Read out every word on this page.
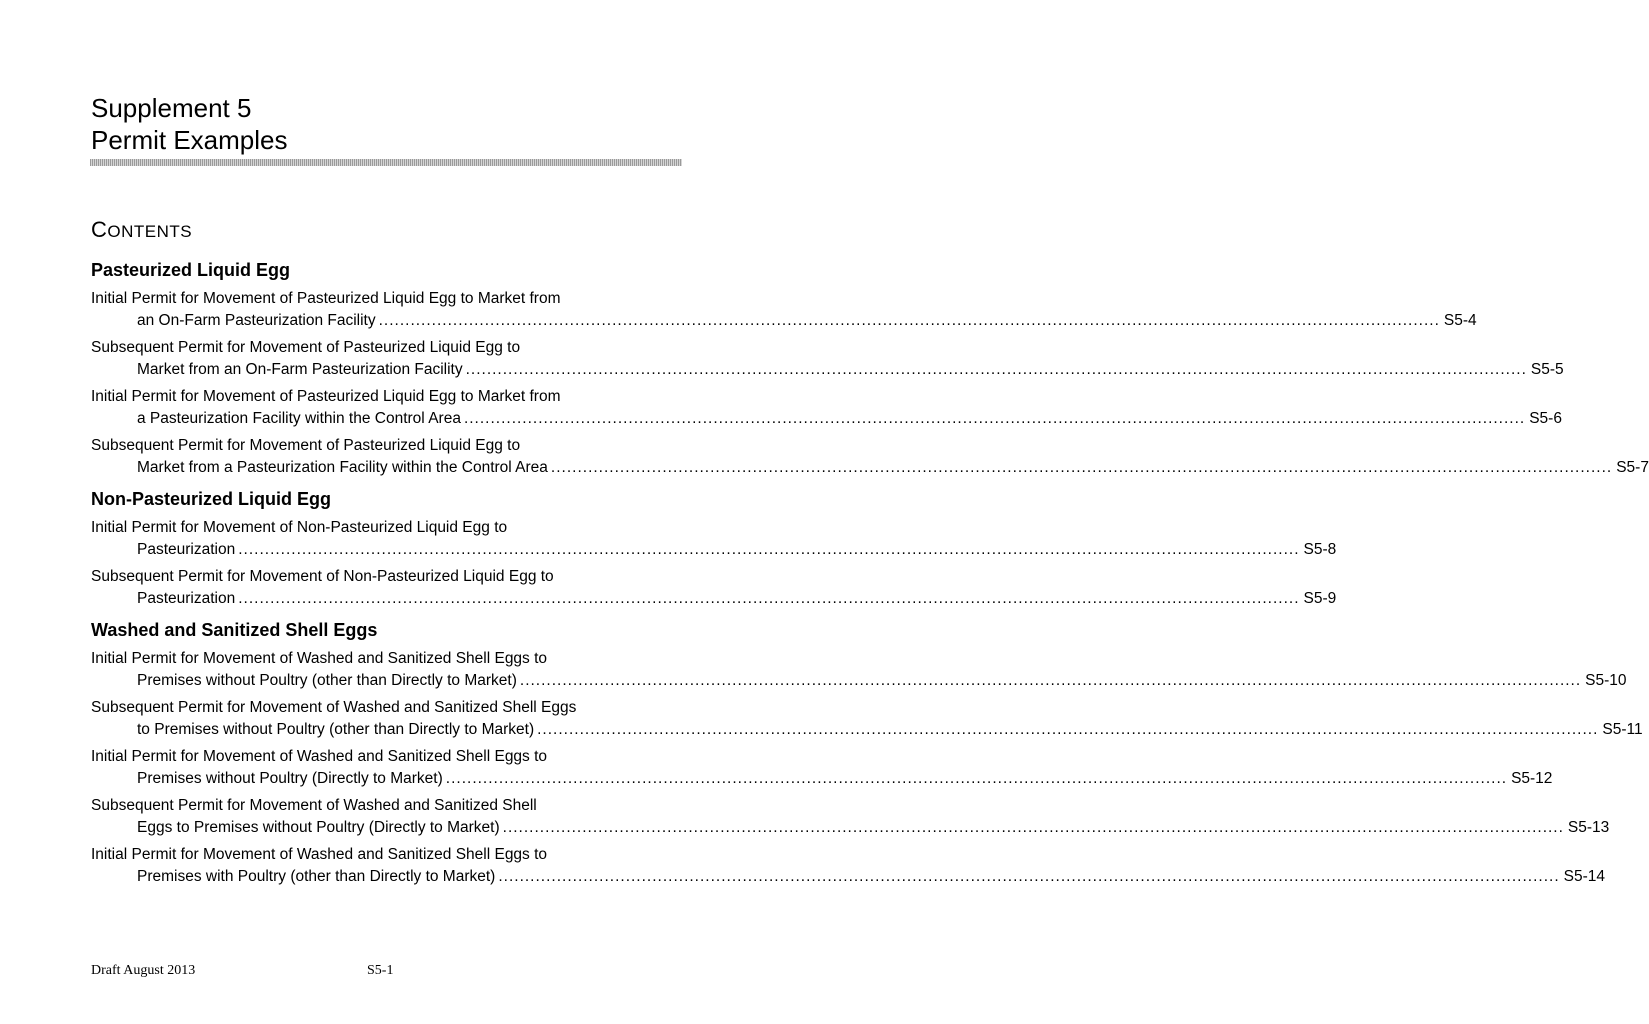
Supplement 5
Permit Examples
CONTENTS
Pasteurized Liquid Egg
Initial Permit for Movement of Pasteurized Liquid Egg to Market from
an On-Farm Pasteurization Facility ........................................................................................................................................................................................................ S5-4
Subsequent Permit for Movement of Pasteurized Liquid Egg to
Market from an On-Farm Pasteurization Facility ........................................................................................................................................................................................................ S5-5
Initial Permit for Movement of Pasteurized Liquid Egg to Market from
a Pasteurization Facility within the Control Area ........................................................................................................................................................................................................ S5-6
Subsequent Permit for Movement of Pasteurized Liquid Egg to
Market from a Pasteurization Facility within the Control Area ........................................................................................................................................................................................................ S5-7
Non-Pasteurized Liquid Egg
Initial Permit for Movement of Non-Pasteurized Liquid Egg to
Pasteurization ........................................................................................................................................................................................................ S5-8
Subsequent Permit for Movement of Non-Pasteurized Liquid Egg to
Pasteurization ........................................................................................................................................................................................................ S5-9
Washed and Sanitized Shell Eggs
Initial Permit for Movement of Washed and Sanitized Shell Eggs to
Premises without Poultry (other than Directly to Market) ........................................................................................................................................................................................................ S5-10
Subsequent Permit for Movement of Washed and Sanitized Shell Eggs
to Premises without Poultry (other than Directly to Market) ........................................................................................................................................................................................................ S5-11
Initial Permit for Movement of Washed and Sanitized Shell Eggs to
Premises without Poultry (Directly to Market) ........................................................................................................................................................................................................ S5-12
Subsequent Permit for Movement of Washed and Sanitized Shell
Eggs to Premises without Poultry (Directly to Market) ........................................................................................................................................................................................................ S5-13
Initial Permit for Movement of Washed and Sanitized Shell Eggs to
Premises with Poultry (other than Directly to Market) ........................................................................................................................................................................................................ S5-14
Draft August 2013	S5-1
